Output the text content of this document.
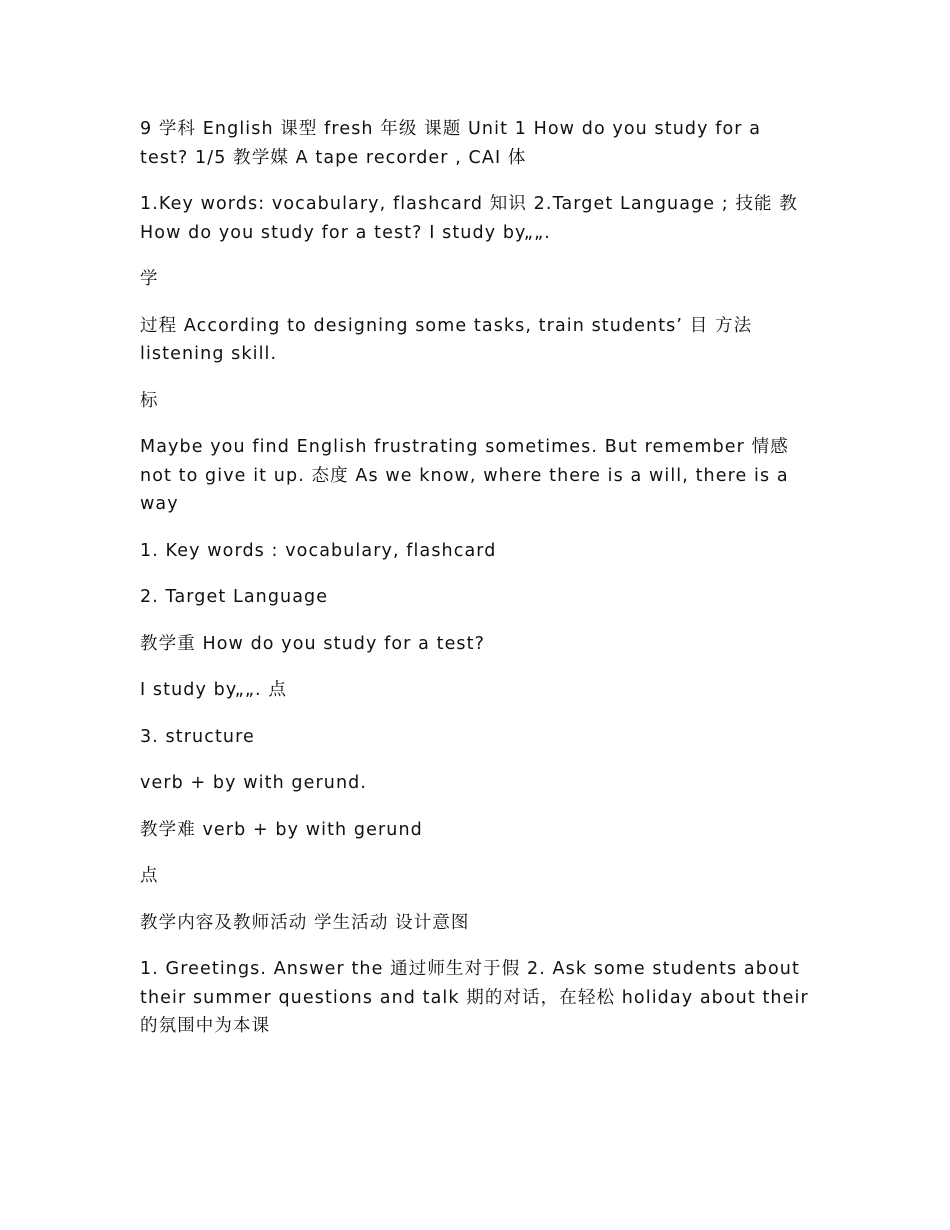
9 学科 English 课型 fresh 年级 课题 Unit 1 How do you study for a test? 1/5 教学媒 A tape recorder , CAI 体

1.Key words: vocabulary, flashcard 知识 2.Target Language ; 技能 教 How do you study for a test? I study by„„.

学

过程 According to designing some tasks, train students’ 目 方法 listening skill.

标

Maybe you find English frustrating sometimes. But remember 情感 not to give it up. 态度 As we know, where there is a will, there is a way

1. Key words : vocabulary, flashcard

2. Target Language

教学重 How do you study for a test?

I study by„„. 点

3. structure

verb + by with gerund.

教学难 verb + by with gerund

点

教学内容及教师活动 学生活动 设计意图

1. Greetings. Answer the 通过师生对于假 2. Ask some students about their summer questions and talk 期的对话，在轻松 holiday about their 的氛围中为本课
